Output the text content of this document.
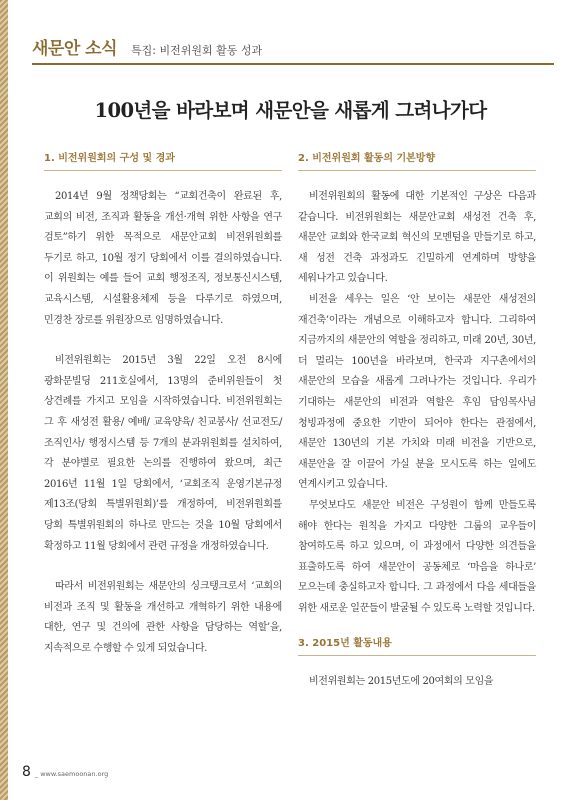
새문안 소식 특집: 비전위원회 활동 성과
100년을 바라보며 새문안을 새롭게 그려나가다
1. 비전위원회의 구성 및 경과

2014년 9월 정책당회는 “교회건축이 완료된 후, 교회의 비전, 조직과 활동을 개선·개혁 위한 사항을 연구 검토”하기 위한 목적으로 새문안교회 비전위원회를 두기로 하고, 10월 정기 당회에서 이를 결의하였습니다. 이 위원회는 예를 들어 교회 행정조직, 정보통신시스템, 교육시스템, 시설활용체제 등을 다루기로 하였으며, 민경찬 장로를 위원장으로 임명하였습니다.

비전위원회는 2015년 3월 22일 오전 8시에 광화문빌딩 211호실에서, 13명의 준비위원들이 첫 상견례를 가지고 모임을 시작하였습니다. 비전위원회는 그 후 새성전 활용/ 예배/ 교육양육/ 친교봉사/ 선교전도/ 조직인사/ 행정시스템 등 7개의 분과위원회를 설치하여, 각 분야별로 필요한 논의를 진행하여 왔으며, 최근 2016년 11월 1일 당회에서, ‘교회조직 운영기본규정 제13조(당회 특별위원회)’를 개정하여, 비전위원회를 당회 특별위원회의 하나로 만드는 것을 10월 당회에서 확정하고 11월 당회에서 관련 규정을 개정하였습니다.

따라서 비전위원회는 새문안의 싱크탱크로서 ‘교회의 비전과 조직 및 활동을 개선하고 개혁하기 위한 내용에 대한, 연구 및 건의에 관한 사항을 담당하는 역할’을, 지속적으로 수행할 수 있게 되었습니다.

2. 비전위원회 활동의 기본방향

비전위원회의 활동에 대한 기본적인 구상은 다음과 같습니다. 비전위원회는 새문안교회 새성전 건축 후, 새문안 교회와 한국교회 혁신의 모멘텀을 만들기로 하고, 새 성전 건축 과정과도 긴밀하게 연계하며 방향을 세워나가고 있습니다.

비전을 세우는 일은 ‘안 보이는 새문안 새성전의 재건축’이라는 개념으로 이해하고자 합니다. 그리하여 지금까지의 새문안의 역할을 정리하고, 미래 20년, 30년, 더 멀리는 100년을 바라보며, 한국과 지구촌에서의 새문안의 모습을 새롭게 그려나가는 것입니다. 우리가 기대하는 새문안의 비전과 역할은 후임 담임목사님 청빙과정에 중요한 기반이 되어야 한다는 관점에서, 새문안 130년의 기본 가치와 미래 비전을 기반으로, 새문안을 잘 이끌어 가실 분을 모시도록 하는 일에도 연계시키고 있습니다.

무엇보다도 새문안 비전은 구성원이 함께 만들도록 해야 한다는 원칙을 가지고 다양한 그룹의 교우들이 참여하도록 하고 있으며, 이 과정에서 다양한 의견들을 표출하도록 하여 새문안이 공동체로 ‘마음을 하나로’ 모으는데 충실하고자 합니다. 그 과정에서 다음 세대들을 위한 새로운 일꾼들이 발굴될 수 있도록 노력할 것입니다.

3. 2015년 활동내용

비전위원회는 2015년도에 20여회의 모임을

8 _ www.saemoonan.org
